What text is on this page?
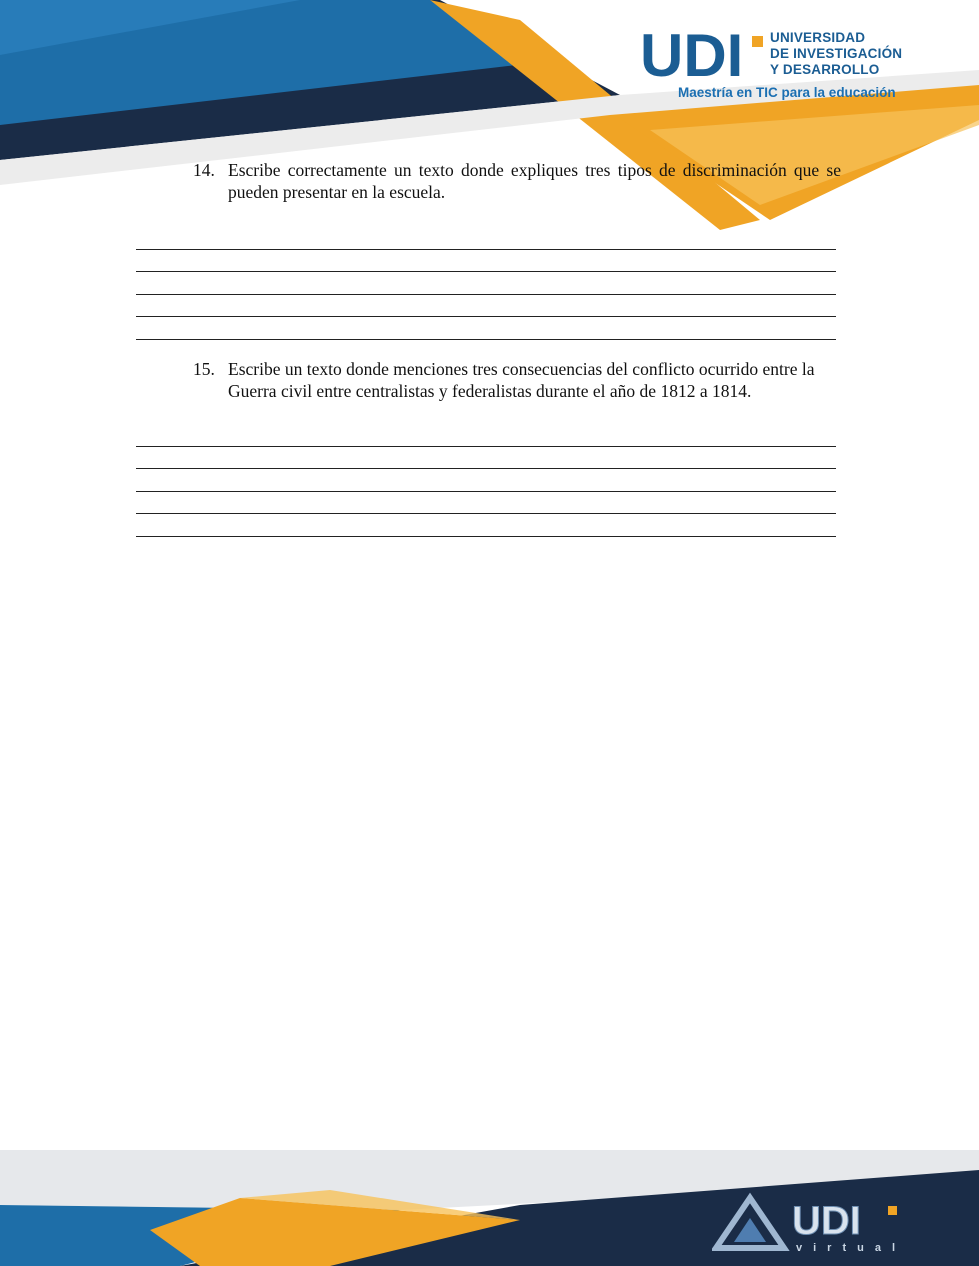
UDI UNIVERSIDAD
DE INVESTIGACIÓN
Y DESARROLLO
Maestría en TIC para la educación
14. Escribe correctamente un texto donde expliques tres tipos de discriminación que se pueden presentar en la escuela.
15. Escribe un texto donde menciones tres consecuencias del conflicto ocurrido entre la Guerra civil entre centralistas y federalistas durante el año de 1812 a 1814.
UDI
virtual
